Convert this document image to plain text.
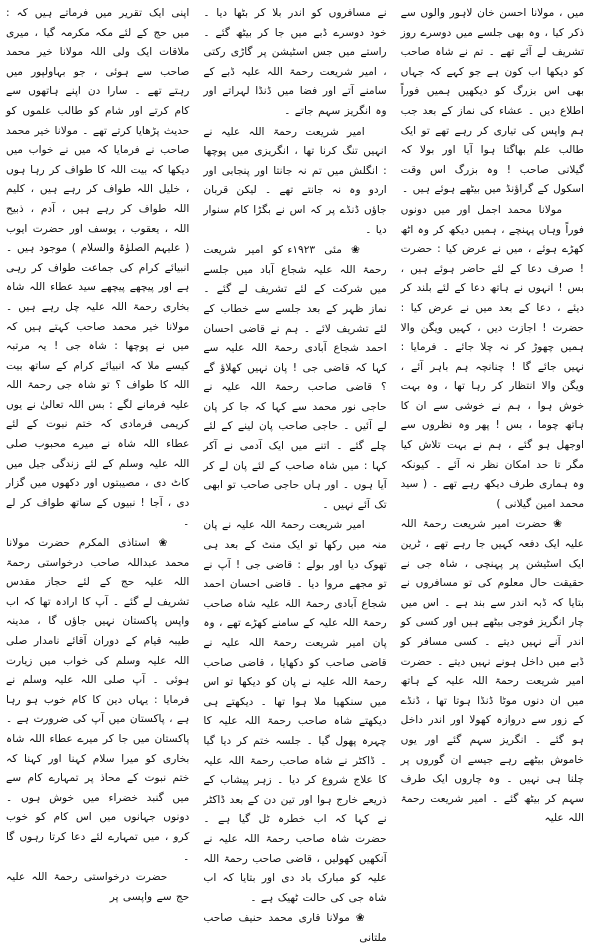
میں ، مولانا احسن خان لاہور والوں سے ذکر کیا ، وہ بھی جلسے میں دوسرے روز تشریف لے آئے تھے ۔ تم نے شاہ صاحب کو دیکھا اب کون ہے جو کہے کہ جہاں بھی اس بزرگ کو دیکھیں ہمیں فوراً اطلاع دیں ۔ عشاء کی نماز کے بعد جب ہم واپس کی تیاری کر رہے تھے تو ایک طالب علم بھاگتا ہوا آیا اور بولا کہ گیلانی صاحب ! وہ بزرگ اس وقت اسکول کے گراؤنڈ میں بیٹھے ہوئے ہیں ۔

مولانا محمد اجمل اور میں دونوں فوراً وہاں پہنچے ، ہمیں دیکھ کر وہ اٹھ کھڑے ہوئے ، میں نے عرض کیا : حضرت ! صرف دعا کے لئے حاضر ہوئے ہیں ، بس ! انہوں نے ہاتھ دعا کے لئے بلند کر دیئے ، دعا کے بعد میں نے عرض کیا : حضرت ! اجازت دیں ، کہیں ویگن والا ہمیں چھوڑ کر نہ چلا جائے ۔ فرمایا : نہیں جائے گا ! چنانچہ ہم باہر آئے ، ویگن والا انتظار کر رہا تھا ، وہ بہت خوش ہوا ، ہم نے خوشی سے ان کا ہاتھ چوما ، بس ! پھر وہ نظروں سے اوجھل ہو گئے ، ہم نے بہت تلاش کیا مگر تا حد امکان نظر نہ آئے ۔ کیونکہ وہ ہماری طرف دیکھ رہے تھے ۔ ( سید محمد امین گیلانی )

❀ حضرت امیر شریعت رحمۃ اللہ علیہ ایک دفعہ کہیں جا رہے تھے ، ٹرین ایک اسٹیشن پر پہنچی ، شاہ جی نے حقیقت حال معلوم کی تو مسافروں نے بتایا کہ ڈبہ اندر سے بند ہے ۔ اس میں چار انگریز فوجی بیٹھے ہیں اور کسی کو اندر آنے نہیں دیتے ۔ کسی مسافر کو ڈبے میں داخل ہونے نہیں دیتے ۔ حضرت امیر شریعت رحمۃ اللہ علیہ کے ہاتھ میں ان دنوں موٹا ڈنڈا ہوتا تھا ، ڈنڈے کے زور سے دروازہ کھولا اور اندر داخل ہو گئے ۔ انگریز سہم گئے اور یوں خاموش بیٹھے رہے جیسے ان گوروں پر چلنا ہی نہیں ۔ وہ چاروں ایک طرف سہم کر بیٹھ گئے ۔ امیر شریعت رحمۃ اللہ علیہ

نے مسافروں کو اندر بلا کر بٹھا دیا ۔ خود دوسرے ڈبے میں جا کر بیٹھ گئے ۔ راستے میں جس اسٹیشن پر گاڑی رکتی ، امیر شریعت رحمۃ اللہ علیہ ڈبے کے سامنے آتے اور فضا میں ڈنڈا لہراتے اور وہ انگریز سہم جاتے ۔

امیر شریعت رحمۃ اللہ علیہ نے انہیں تنگ کرنا تھا ، انگریزی میں پوچھا : انگلش میں تم نہ جانتا اور پنجابی اور اردو وہ نہ جانتے تھے ۔ لیکن قربان جاؤں ڈنڈے پر کہ اس نے بگڑا کام سنوار دیا ۔

❀ مئی ۱۹۲۳ء کو امیر شریعت رحمۃ اللہ علیہ شجاع آباد میں جلسے میں شرکت کے لئے تشریف لے گئے ۔ نماز ظہر کے بعد جلسے سے خطاب کے لئے تشریف لائے ۔ ہم نے قاضی احسان احمد شجاع آبادی رحمۃ اللہ علیہ سے کہا کہ قاضی جی ! پان نہیں کھلاؤ گے ؟ قاضی صاحب رحمۃ اللہ علیہ نے حاجی نور محمد سے کہا کہ جا کر پان لے آئیں ۔ حاجی صاحب پان لینے کے لئے چلے گئے ۔ اتنے میں ایک آدمی نے آکر کہا : میں شاہ صاحب کے لئے پان لے کر آیا ہوں ۔ اور ہاں حاجی صاحب تو ابھی تک آئے نہیں ۔

امیر شریعت رحمۃ اللہ علیہ نے پان منہ میں رکھا تو ایک منٹ کے بعد ہی تھوک دیا اور بولے : قاضی جی ! آپ نے تو مجھے مروا دیا ۔ قاضی احسان احمد شجاع آبادی رحمۃ اللہ علیہ شاہ صاحب رحمۃ اللہ علیہ کے سامنے کھڑے تھے ، وہ پان امیر شریعت رحمۃ اللہ علیہ نے قاضی صاحب کو دکھایا ، قاضی صاحب رحمۃ اللہ علیہ نے پان کو دیکھا تو اس میں سنکھیا ملا ہوا تھا ۔ دیکھتے ہی دیکھتے شاہ صاحب رحمۃ اللہ علیہ کا چہرہ پھول گیا ۔ جلسہ ختم کر دیا گیا ۔ ڈاکٹر نے شاہ صاحب رحمۃ اللہ علیہ کا علاج شروع کر دیا ۔ زہر پیشاب کے ذریعے خارج ہوا اور تین دن کے بعد ڈاکٹر نے کہا کہ اب خطرہ ٹل گیا ہے ۔ حضرت شاہ صاحب رحمۃ اللہ علیہ نے آنکھیں کھولیں ، قاضی صاحب رحمۃ اللہ علیہ کو مبارک باد دی اور بتایا کہ اب شاہ جی کی حالت ٹھیک ہے ۔

❀ مولانا قاری محمد حنیف صاحب ملتانی

اپنی ایک تقریر میں فرماتے ہیں کہ : میں حج کے لئے مکہ مکرمہ گیا ، میری ملاقات ایک ولی اللہ مولانا خیر محمد صاحب سے ہوئی ، جو بہاولپور میں رہتے تھے ۔ سارا دن اپنے ہاتھوں سے کام کرتے اور شام کو طالب علموں کو حدیث پڑھایا کرتے تھے ۔ مولانا خیر محمد صاحب نے فرمایا کہ میں نے خواب میں دیکھا کہ بیت اللہ کا طواف کر رہا ہوں ، خلیل اللہ طواف کر رہے ہیں ، کلیم اللہ طواف کر رہے ہیں ، آدم ، ذبیح اللہ ، یعقوب ، یوسف اور حضرت ایوب ( علیہم الصلوٰۃ والسلام ) موجود ہیں ۔ انبیائے کرام کی جماعت طواف کر رہی ہے اور پیچھے پیچھے سید عطاء اللہ شاہ بخاری رحمۃ اللہ علیہ چل رہے ہیں ۔ مولانا خیر محمد صاحب کہتے ہیں کہ میں نے پوچھا : شاہ جی ! یہ مرتبہ کیسے ملا کہ انبیائے کرام کے ساتھ بیت اللہ کا طواف ؟ تو شاہ جی رحمۃ اللہ علیہ فرمانے لگے : بس اللہ تعالیٰ نے یوں کریمی فرمادی کہ ختم نبوت کے لئے عطاء اللہ شاہ نے میرے محبوب صلی اللہ علیہ وسلم کے لئے زندگی جیل میں کاٹ دی ، مصیبتوں اور دکھوں میں گزار دی ، آجا ! نبیوں کے ساتھ طواف کر لے ۔

❀ استاذی المکرم حضرت مولانا محمد عبداللہ صاحب درخواستی رحمۃ اللہ علیہ حج کے لئے حجاز مقدس تشریف لے گئے ۔ آپ کا ارادہ تھا کہ اب واپس پاکستان نہیں جاؤں گا ، مدینہ طیبہ قیام کے دوران آقائے نامدار صلی اللہ علیہ وسلم کی خواب میں زیارت ہوئی ۔ آپ صلی اللہ علیہ وسلم نے فرمایا : یہاں دین کا کام خوب ہو رہا ہے ، پاکستان میں آپ کی ضرورت ہے ۔ پاکستان میں جا کر میرے عطاء اللہ شاہ بخاری کو میرا سلام کہنا اور کہنا کہ ختم نبوت کے محاذ پر تمہارے کام سے میں گنبد خضراء میں خوش ہوں ۔ دونوں جہانوں میں اس کام کو خوب کرو ، میں تمہارے لئے دعا کرتا رہوں گا ۔

حضرت درخواستی رحمۃ اللہ علیہ حج سے واپسی پر
